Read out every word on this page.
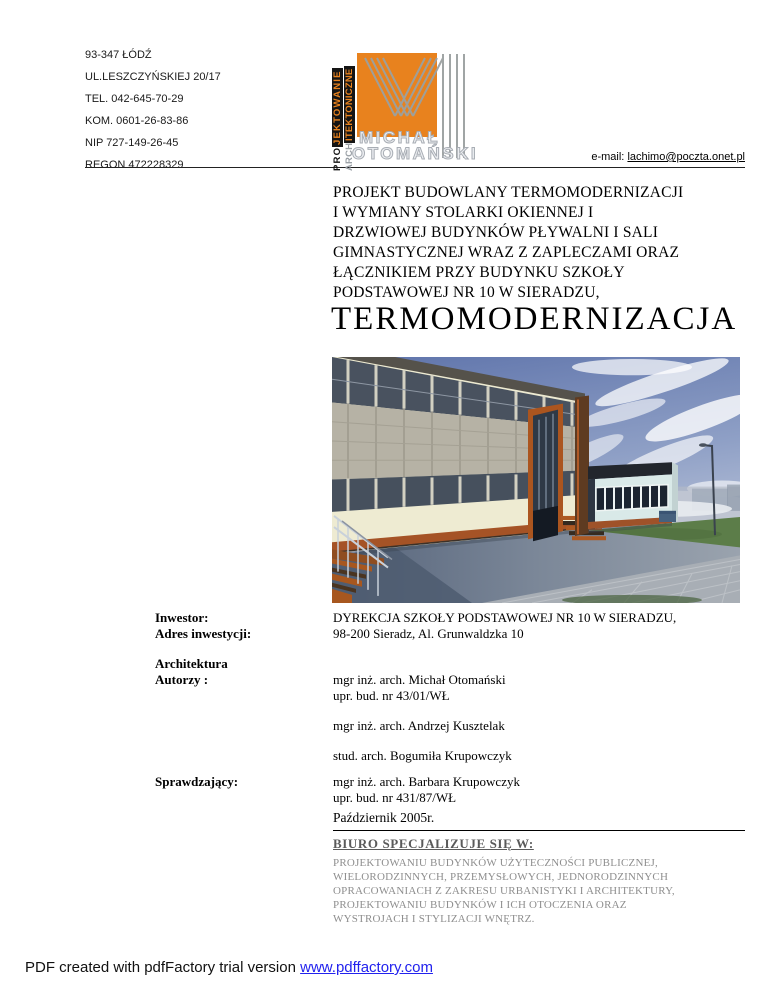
93-347 ŁÓDŹ
UL.LESZCZYŃSKIEJ 20/17
TEL. 042-645-70-29
KOM. 0601-26-83-86
NIP 727-149-26-45
REGON 472228329	PROJEKTOWANIE
ARCHITEKTONICZNE MICHAŁ
OTOMAŃSKI	e-mail: lachimo@poczta.onet.pl
PROJEKT BUDOWLANY TERMOMODERNIZACJI
I WYMIANY STOLARKI OKIENNEJ I
DRZWIOWEJ BUDYNKÓW PŁYWALNI I SALI
GIMNASTYCZNEJ WRAZ Z ZAPLECZAMI ORAZ
ŁĄCZNIKIEM PRZY BUDYNKU SZKOŁY
PODSTAWOWEJ NR 10 W SIERADZU,
TERMOMODERNIZACJA
Inwestor:	DYREKCJA SZKOŁY PODSTAWOWEJ NR 10 W SIERADZU,
Adres inwestycji:	98-200 Sieradz, Al. Grunwaldzka 10
Architektura
Autorzy :	mgr inż. arch. Michał Otomański
upr. bud. nr 43/01/WŁ
mgr inż. arch. Andrzej Kusztelak
stud. arch. Bogumiła Krupowczyk
Sprawdzający:	mgr inż. arch. Barbara Krupowczyk
upr. bud. nr 431/87/WŁ
Październik 2005r.
BIURO SPECJALIZUJE SIĘ W:
PROJEKTOWANIU BUDYNKÓW UŻYTECZNOŚCI PUBLICZNEJ,
WIELORODZINNYCH, PRZEMYSŁOWYCH, JEDNORODZINNYCH
OPRACOWANIACH Z ZAKRESU URBANISTYKI I ARCHITEKTURY,
PROJEKTOWANIU BUDYNKÓW I ICH OTOCZENIA ORAZ
WYSTROJACH I STYLIZACJI WNĘTRZ.
PDF created with pdfFactory trial version www.pdffactory.com
